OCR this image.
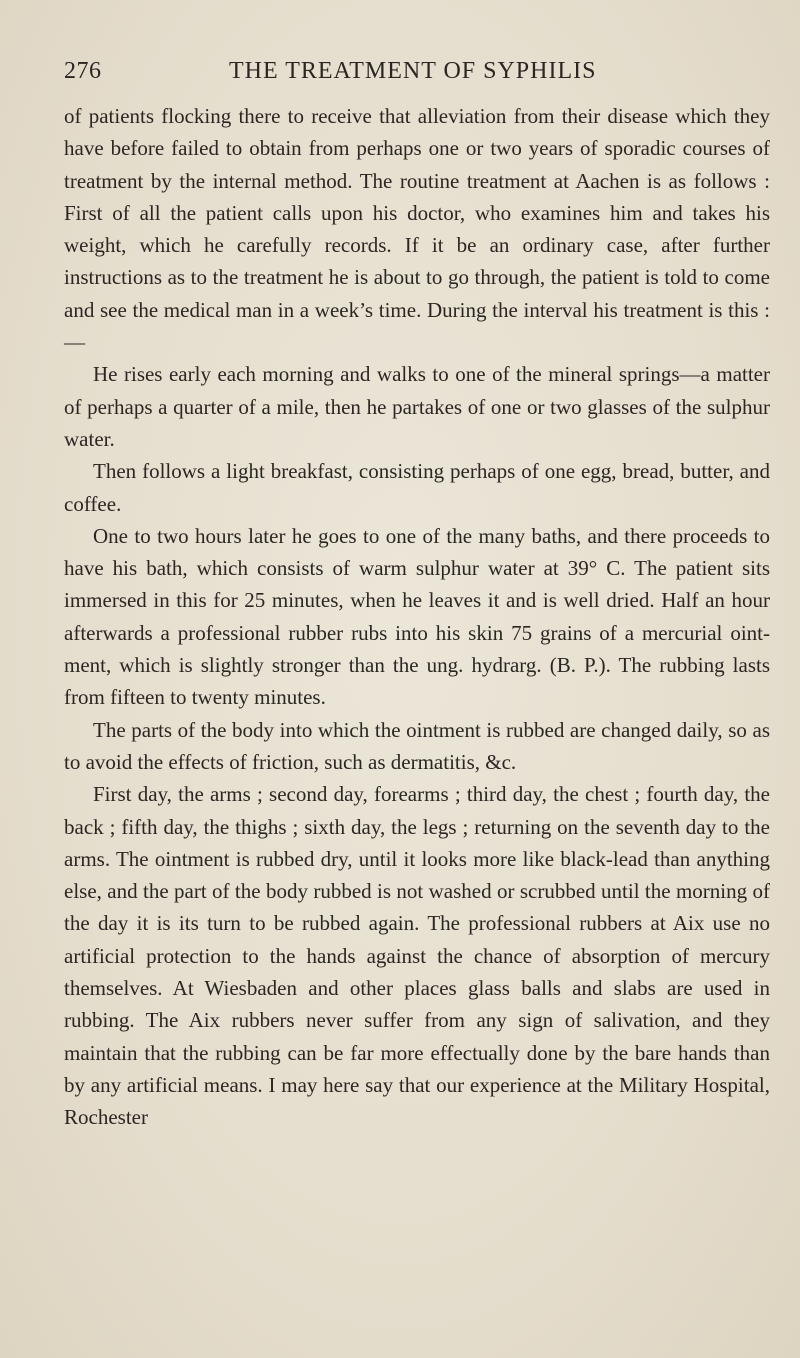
276	THE TREATMENT OF SYPHILIS

of patients flocking there to receive that alleviation from their disease which they have before failed to obtain from perhaps one or two years of sporadic courses of treatment by the internal method. The routine treatment at Aachen is as follows : First of all the patient calls upon his doctor, who examines him and takes his weight, which he carefully records. If it be an ordinary case, after further instructions as to the treatment he is about to go through, the patient is told to come and see the medical man in a week’s time. During the interval his treatment is this :—

He rises early each morning and walks to one of the mineral springs—a matter of perhaps a quarter of a mile, then he partakes of one or two glasses of the sulphur water.

Then follows a light breakfast, consisting perhaps of one egg, bread, butter, and coffee.

One to two hours later he goes to one of the many baths, and there proceeds to have his bath, which consists of warm sulphur water at 39° C. The patient sits immersed in this for 25 minutes, when he leaves it and is well dried. Half an hour afterwards a professional rubber rubs into his skin 75 grains of a mercurial ointment, which is slightly stronger than the ung. hydrarg. (B. P.). The rubbing lasts from fifteen to twenty minutes.

The parts of the body into which the ointment is rubbed are changed daily, so as to avoid the effects of friction, such as dermatitis, &c.

First day, the arms ; second day, forearms ; third day, the chest ; fourth day, the back ; fifth day, the thighs ; sixth day, the legs ; returning on the seventh day to the arms. The ointment is rubbed dry, until it looks more like black-lead than anything else, and the part of the body rubbed is not washed or scrubbed until the morning of the day it is its turn to be rubbed again. The professional rubbers at Aix use no artificial protection to the hands against the chance of absorption of mercury themselves. At Wiesbaden and other places glass balls and slabs are used in rubbing. The Aix rubbers never suffer from any sign of salivation, and they maintain that the rubbing can be far more effectually done by the bare hands than by any artificial means. I may here say that our experience at the Military Hospital, Rochester
